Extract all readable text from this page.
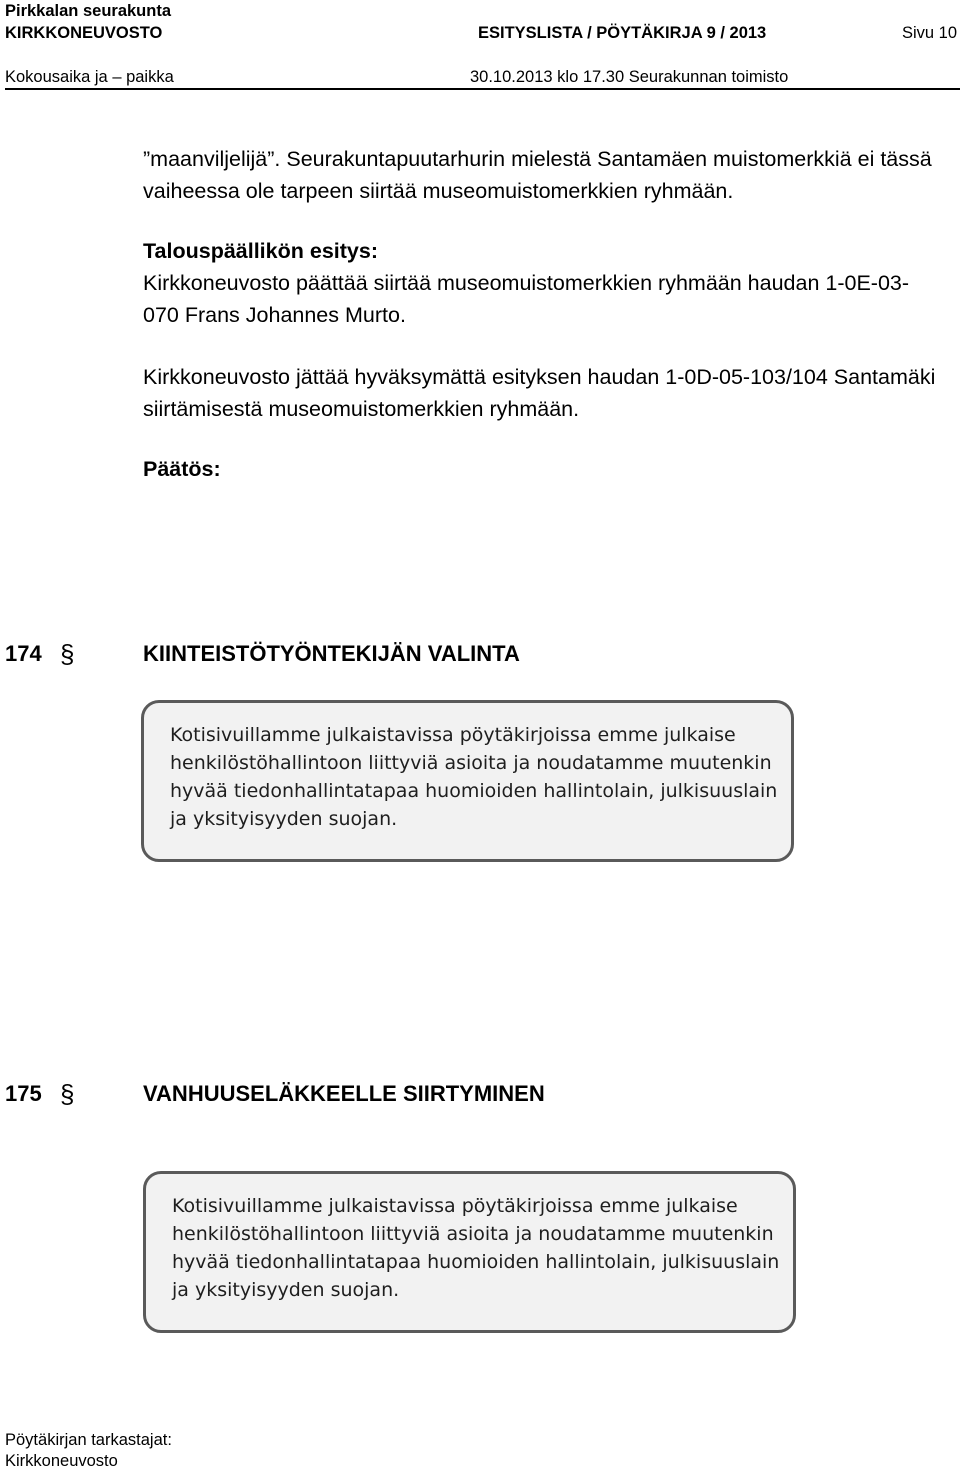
Pirkkalan seurakunta
KIRKKONEUVOSTO	ESITYSLISTA / PÖYTÄKIRJA 9 / 2013	Sivu 10
Kokousaika ja – paikka	30.10.2013 klo 17.30 Seurakunnan toimisto
”maanviljelijä”. Seurakuntapuutarhurin mielestä Santamäen muistomerkkiä ei tässä
vaiheessa ole tarpeen siirtää museomuistomerkkien ryhmään.
Talouspäällikön esitys:
Kirkkoneuvosto päättää siirtää museomuistomerkkien ryhmään haudan 1-0E-03-
070 Frans Johannes Murto.
Kirkkoneuvosto jättää hyväksymättä esityksen haudan 1-0D-05-103/104 Santamäki
siirtämisestä museomuistomerkkien ryhmään.
Päätös:
174 §	KIINTEISTÖTYÖNTEKIJÄN VALINTA
Kotisivuillamme julkaistavissa pöytäkirjoissa emme julkaise
henkilöstöhallintoon liittyviä asioita ja noudatamme muutenkin
hyvää tiedonhallintatapaa huomioiden hallintolain, julkisuuslain
ja yksityisyyden suojan.
175 §	VANHUUSELÄKKEELLE SIIRTYMINEN
Kotisivuillamme julkaistavissa pöytäkirjoissa emme julkaise
henkilöstöhallintoon liittyviä asioita ja noudatamme muutenkin
hyvää tiedonhallintatapaa huomioiden hallintolain, julkisuuslain
ja yksityisyyden suojan.
Pöytäkirjan tarkastajat:
Kirkkoneuvosto
